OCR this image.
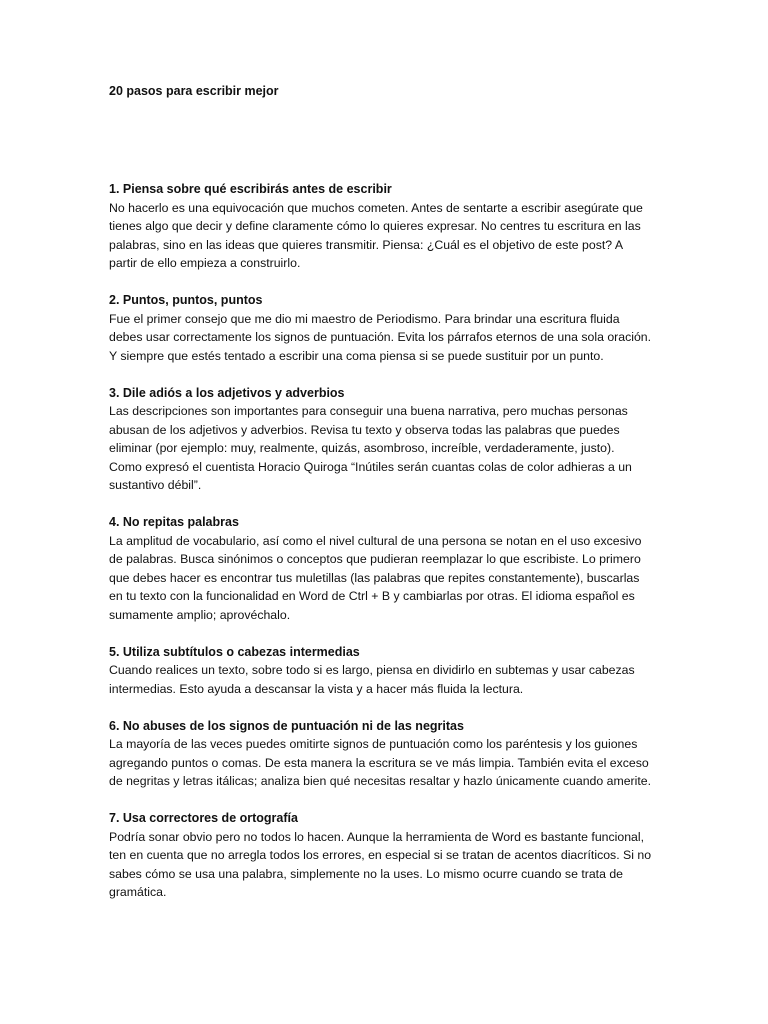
20 pasos para escribir mejor

1. Piensa sobre qué escribirás antes de escribir

No hacerlo es una equivocación que muchos cometen. Antes de sentarte a escribir asegúrate que

tienes algo que decir y define claramente cómo lo quieres expresar. No centres tu escritura en las

palabras, sino en las ideas que quieres transmitir. Piensa: ¿Cuál es el objetivo de este post? A

partir de ello empieza a construirlo.

2. Puntos, puntos, puntos

Fue el primer consejo que me dio mi maestro de Periodismo. Para brindar una escritura fluida

debes usar correctamente los signos de puntuación. Evita los párrafos eternos de una sola oración.

Y siempre que estés tentado a escribir una coma piensa si se puede sustituir por un punto.

3. Dile adiós a los adjetivos y adverbios

Las descripciones son importantes para conseguir una buena narrativa, pero muchas personas

abusan de los adjetivos y adverbios. Revisa tu texto y observa todas las palabras que puedes

eliminar (por ejemplo: muy, realmente, quizás, asombroso, increíble, verdaderamente, justo).

Como expresó el cuentista Horacio Quiroga “Inútiles serán cuantas colas de color adhieras a un

sustantivo débil”.

4. No repitas palabras

La amplitud de vocabulario, así como el nivel cultural de una persona se notan en el uso excesivo

de palabras. Busca sinónimos o conceptos que pudieran reemplazar lo que escribiste. Lo primero

que debes hacer es encontrar tus muletillas (las palabras que repites constantemente), buscarlas

en tu texto con la funcionalidad en Word de Ctrl + B y cambiarlas por otras. El idioma español es

sumamente amplio; aprovéchalo.

5. Utiliza subtítulos o cabezas intermedias

Cuando realices un texto, sobre todo si es largo, piensa en dividirlo en subtemas y usar cabezas

intermedias. Esto ayuda a descansar la vista y a hacer más fluida la lectura.

6. No abuses de los signos de puntuación ni de las negritas

La mayoría de las veces puedes omitirte signos de puntuación como los paréntesis y los guiones

agregando puntos o comas. De esta manera la escritura se ve más limpia. También evita el exceso

de negritas y letras itálicas; analiza bien qué necesitas resaltar y hazlo únicamente cuando amerite.

7. Usa correctores de ortografía

Podría sonar obvio pero no todos lo hacen. Aunque la herramienta de Word es bastante funcional,

ten en cuenta que no arregla todos los errores, en especial si se tratan de acentos diacríticos. Si no

sabes cómo se usa una palabra, simplemente no la uses. Lo mismo ocurre cuando se trata de

gramática.
